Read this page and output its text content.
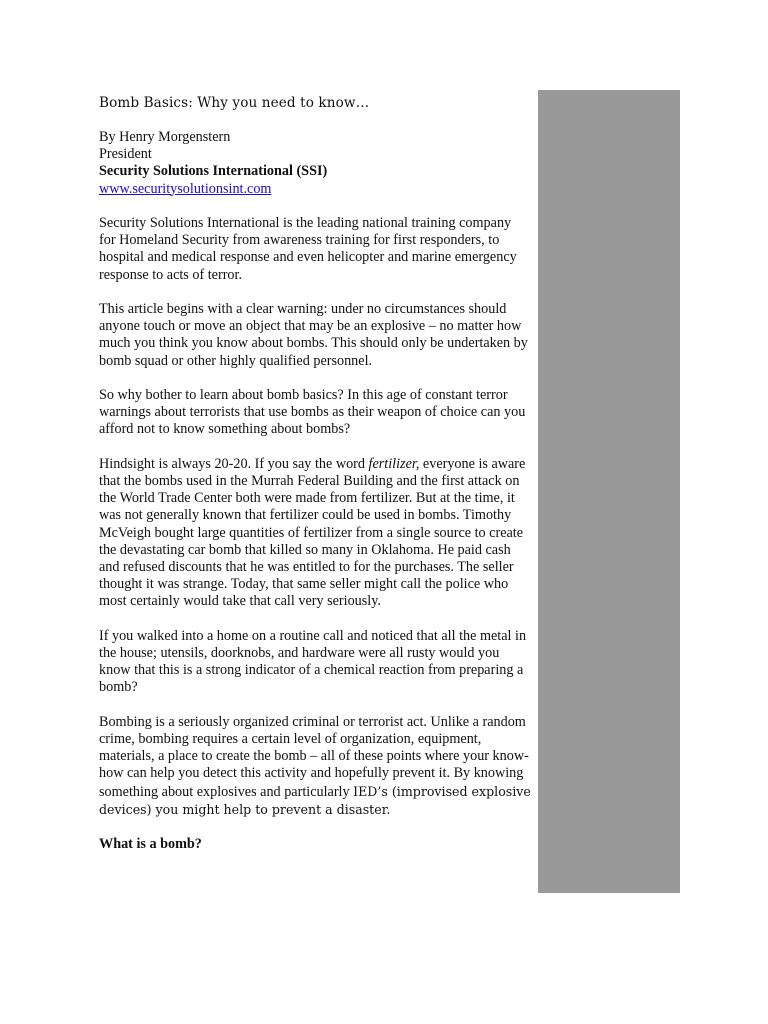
Bomb Basics: Why you need to know…
By Henry Morgenstern
President
Security Solutions International (SSI)
www.securitysolutionsint.com

Security Solutions International is the leading national training company for Homeland Security from awareness training for first responders, to hospital and medical response and even helicopter and marine emergency response to acts of terror.

This article begins with a clear warning: under no circumstances should anyone touch or move an object that may be an explosive – no matter how much you think you know about bombs. This should only be undertaken by bomb squad or other highly qualified personnel.

So why bother to learn about bomb basics? In this age of constant terror warnings about terrorists that use bombs as their weapon of choice can you afford not to know something about bombs?

Hindsight is always 20-20. If you say the word fertilizer, everyone is aware that the bombs used in the Murrah Federal Building and the first attack on the World Trade Center both were made from fertilizer. But at the time, it was not generally known that fertilizer could be used in bombs. Timothy McVeigh bought large quantities of fertilizer from a single source to create the devastating car bomb that killed so many in Oklahoma. He paid cash and refused discounts that he was entitled to for the purchases. The seller thought it was strange. Today, that same seller might call the police who most certainly would take that call very seriously.

If you walked into a home on a routine call and noticed that all the metal in the house; utensils, doorknobs, and hardware were all rusty would you know that this is a strong indicator of a chemical reaction from preparing a bomb?

Bombing is a seriously organized criminal or terrorist act. Unlike a random crime, bombing requires a certain level of organization, equipment, materials, a place to create the bomb – all of these points where your know-how can help you detect this activity and hopefully prevent it. By knowing something about explosives and particularly IED’s (improvised explosive devices) you might help to prevent a disaster.

What is a bomb?
